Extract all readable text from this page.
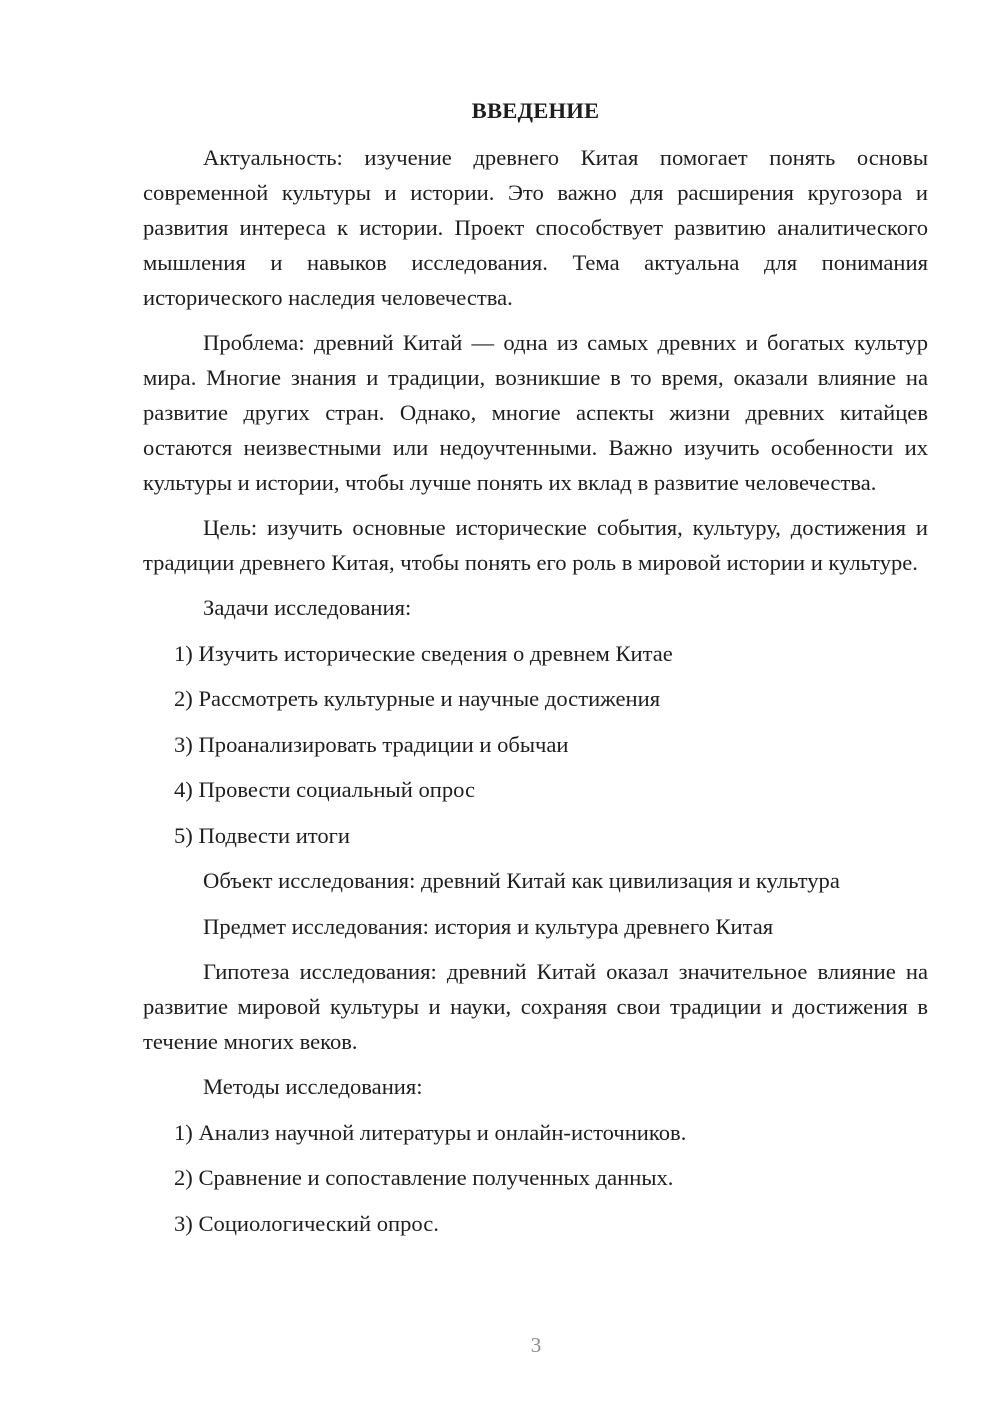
ВВЕДЕНИЕ

Актуальность: изучение древнего Китая помогает понять основы современной культуры и истории. Это важно для расширения кругозора и развития интереса к истории. Проект способствует развитию аналитического мышления и навыков исследования. Тема актуальна для понимания исторического наследия человечества.

Проблема: древний Китай — одна из самых древних и богатых культур мира. Многие знания и традиции, возникшие в то время, оказали влияние на развитие других стран. Однако, многие аспекты жизни древних китайцев остаются неизвестными или недоучтенными. Важно изучить особенности их культуры и истории, чтобы лучше понять их вклад в развитие человечества.

Цель: изучить основные исторические события, культуру, достижения и традиции древнего Китая, чтобы понять его роль в мировой истории и культуре.

Задачи исследования:
1) Изучить исторические сведения о древнем Китае
2) Рассмотреть культурные и научные достижения
3) Проанализировать традиции и обычаи
4) Провести социальный опрос
5) Подвести итоги
Объект исследования: древний Китай как цивилизация и культура
Предмет исследования: история и культура древнего Китая

Гипотеза исследования: древний Китай оказал значительное влияние на развитие мировой культуры и науки, сохраняя свои традиции и достижения в течение многих веков.

Методы исследования:
1) Анализ научной литературы и онлайн-источников.
2) Сравнение и сопоставление полученных данных.
3) Социологический опрос.
3
